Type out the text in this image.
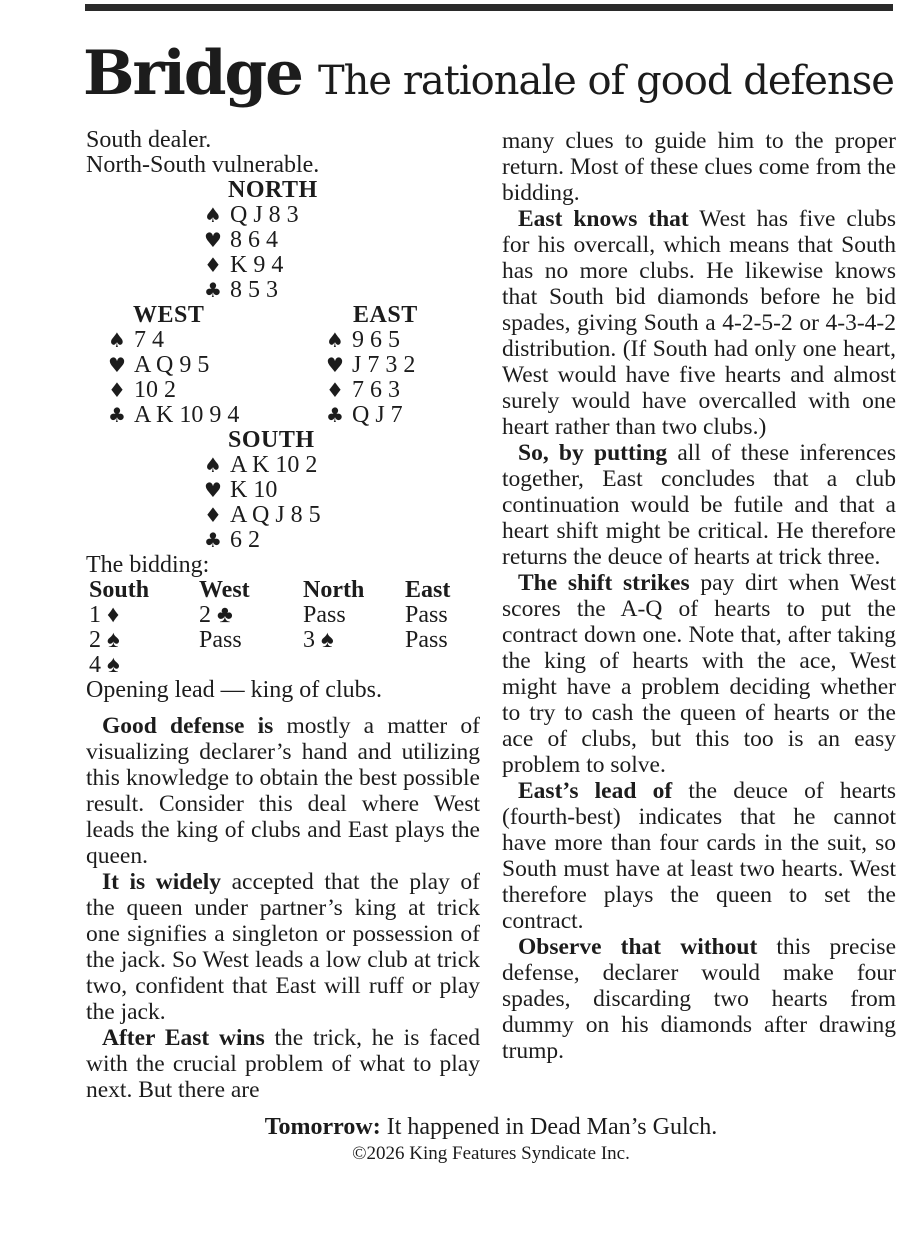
Bridge The rationale of good defense
South dealer.
North-South vulnerable.
NORTH
♠ Q J 8 3
♥ 8 6 4
♦ K 9 4
♣ 8 5 3
WEST
♠ 7 4
♥ A Q 9 5
♦ 10 2
♣ A K 10 9 4
EAST
♠ 9 6 5
♥ J 7 3 2
♦ 7 6 3
♣ Q J 7
SOUTH
♠ A K 10 2
♥ K 10
♦ A Q J 8 5
♣ 6 2
The bidding:
South	West	North	East
1 ♦	2 ♣	Pass	Pass
2 ♠	Pass	3 ♠	Pass
4 ♠
Opening lead — king of clubs.

Good defense is mostly a matter of visualizing declarer’s hand and utilizing this knowledge to obtain the best possible result. Consider this deal where West leads the king of clubs and East plays the queen.

It is widely accepted that the play of the queen under partner’s king at trick one signifies a singleton or possession of the jack. So West leads a low club at trick two, confident that East will ruff or play the jack.

After East wins the trick, he is faced with the crucial problem of what to play next. But there are

many clues to guide him to the proper return. Most of these clues come from the bidding.

East knows that West has five clubs for his overcall, which means that South has no more clubs. He likewise knows that South bid diamonds before he bid spades, giving South a 4-2-5-2 or 4-3-4-2 distribution. (If South had only one heart, West would have five hearts and almost surely would have overcalled with one heart rather than two clubs.)

So, by putting all of these inferences together, East concludes that a club continuation would be futile and that a heart shift might be critical. He therefore returns the deuce of hearts at trick three.

The shift strikes pay dirt when West scores the A-Q of hearts to put the contract down one. Note that, after taking the king of hearts with the ace, West might have a problem deciding whether to try to cash the queen of hearts or the ace of clubs, but this too is an easy problem to solve.

East’s lead of the deuce of hearts (fourth-best) indicates that he cannot have more than four cards in the suit, so South must have at least two hearts. West therefore plays the queen to set the contract.

Observe that without this precise defense, declarer would make four spades, discarding two hearts from dummy on his diamonds after drawing trump.

Tomorrow: It happened in Dead Man’s Gulch.
©2026 King Features Syndicate Inc.
